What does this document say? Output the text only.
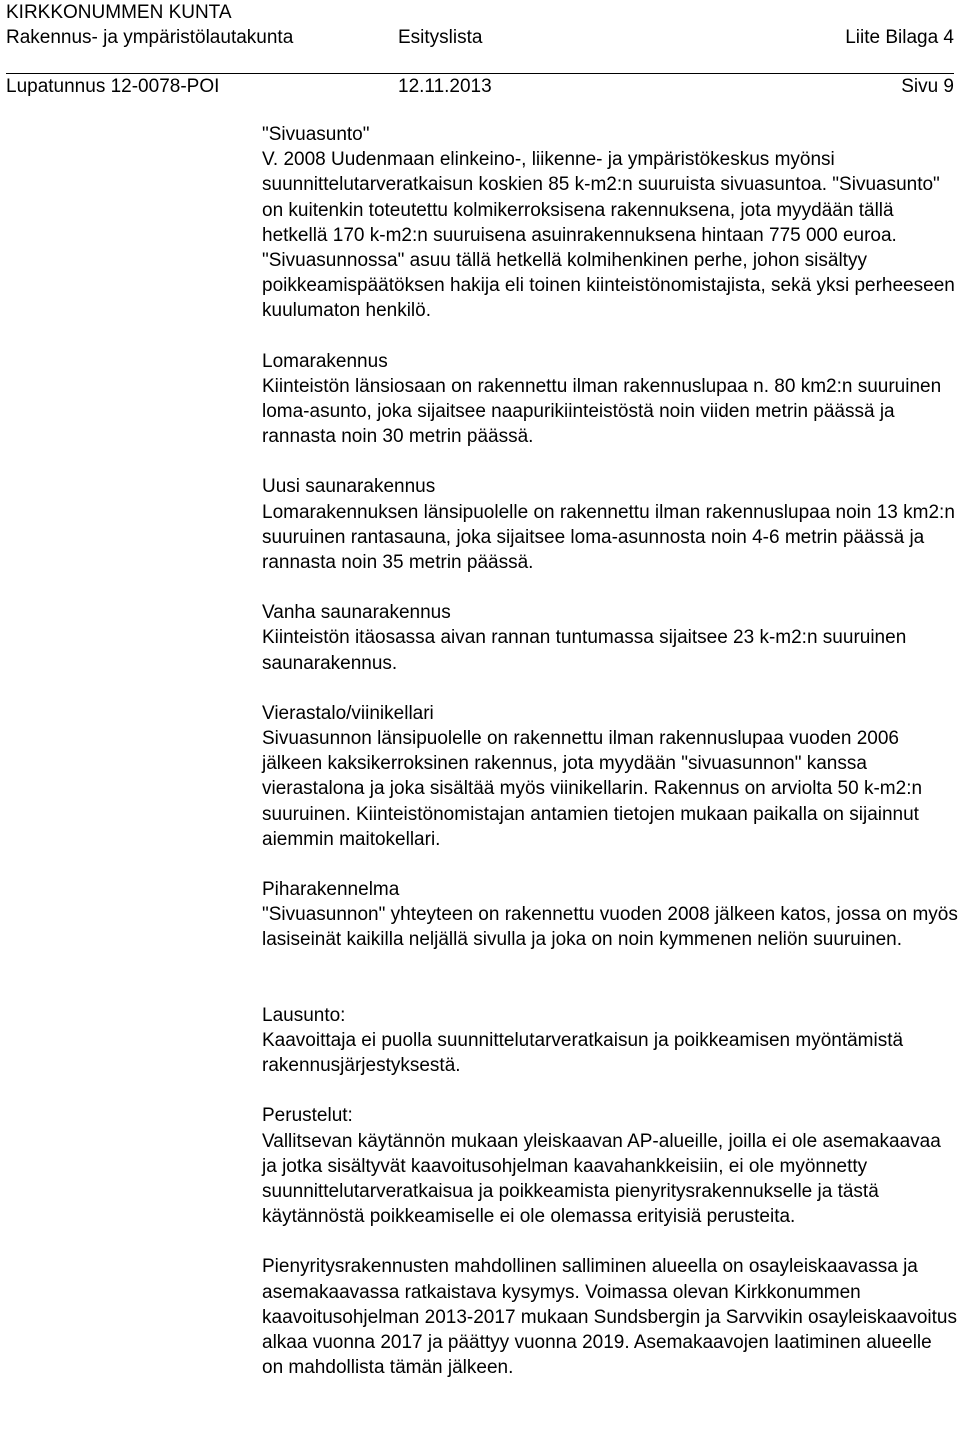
KIRKKONUMMEN KUNTA
Rakennus- ja ympäristölautakunta	Esityslista	Liite Bilaga 4
Lupatunnus 12-0078-POI	12.11.2013	Sivu 9

"Sivuasunto"

V. 2008 Uudenmaan elinkeino-, liikenne- ja ympäristökeskus myönsi suunnittelutarveratkaisun koskien 85 k-m2:n suuruista sivuasuntoa. "Sivuasunto" on kuitenkin toteutettu kolmikerroksisena rakennuksena, jota myydään tällä hetkellä 170 k-m2:n suuruisena asuinrakennuksena hintaan 775 000 euroa. "Sivuasunnossa" asuu tällä hetkellä kolmihenkinen perhe, johon sisältyy poikkeamispäätöksen hakija eli toinen kiinteistönomistajista, sekä yksi perheeseen kuulumaton henkilö.

Lomarakennus

Kiinteistön länsiosaan on rakennettu ilman rakennuslupaa n. 80 km2:n suuruinen loma-asunto, joka sijaitsee naapurikiinteistöstä noin viiden metrin päässä ja rannasta noin 30 metrin päässä.

Uusi saunarakennus

Lomarakennuksen länsipuolelle on rakennettu ilman rakennuslupaa noin 13 km2:n suuruinen rantasauna, joka sijaitsee loma-asunnosta noin 4-6 metrin päässä ja rannasta noin 35 metrin päässä.

Vanha saunarakennus

Kiinteistön itäosassa aivan rannan tuntumassa sijaitsee 23 k-m2:n suuruinen saunarakennus.

Vierastalo/viinikellari

Sivuasunnon länsipuolelle on rakennettu ilman rakennuslupaa vuoden 2006 jälkeen kaksikerroksinen rakennus, jota myydään "sivuasunnon" kanssa vierastalona ja joka sisältää myös viinikellarin. Rakennus on arviolta 50 k-m2:n suuruinen. Kiinteistönomistajan antamien tietojen mukaan paikalla on sijainnut aiemmin maitokellari.

Piharakennelma

"Sivuasunnon" yhteyteen on rakennettu vuoden 2008 jälkeen katos, jossa on myös lasiseinät kaikilla neljällä sivulla ja joka on noin kymmenen neliön suuruinen.

Lausunto:

Kaavoittaja ei puolla suunnittelutarveratkaisun ja poikkeamisen myöntämistä rakennusjärjestyksestä.

Perustelut:

Vallitsevan käytännön mukaan yleiskaavan AP-alueille, joilla ei ole asemakaavaa ja jotka sisältyvät kaavoitusohjelman kaavahankkeisiin, ei ole myönnetty suunnittelutarveratkaisua ja poikkeamista pienyritysrakennukselle ja tästä käytännöstä poikkeamiselle ei ole olemassa erityisiä perusteita.

Pienyritysrakennusten mahdollinen salliminen alueella on osayleiskaavassa ja asemakaavassa ratkaistava kysymys. Voimassa olevan Kirkkonummen kaavoitusohjelman 2013-2017 mukaan Sundsbergin ja Sarvvikin osayleiskaavoitus alkaa vuonna 2017 ja päättyy vuonna 2019. Asemakaavojen laatiminen alueelle on mahdollista tämän jälkeen.
